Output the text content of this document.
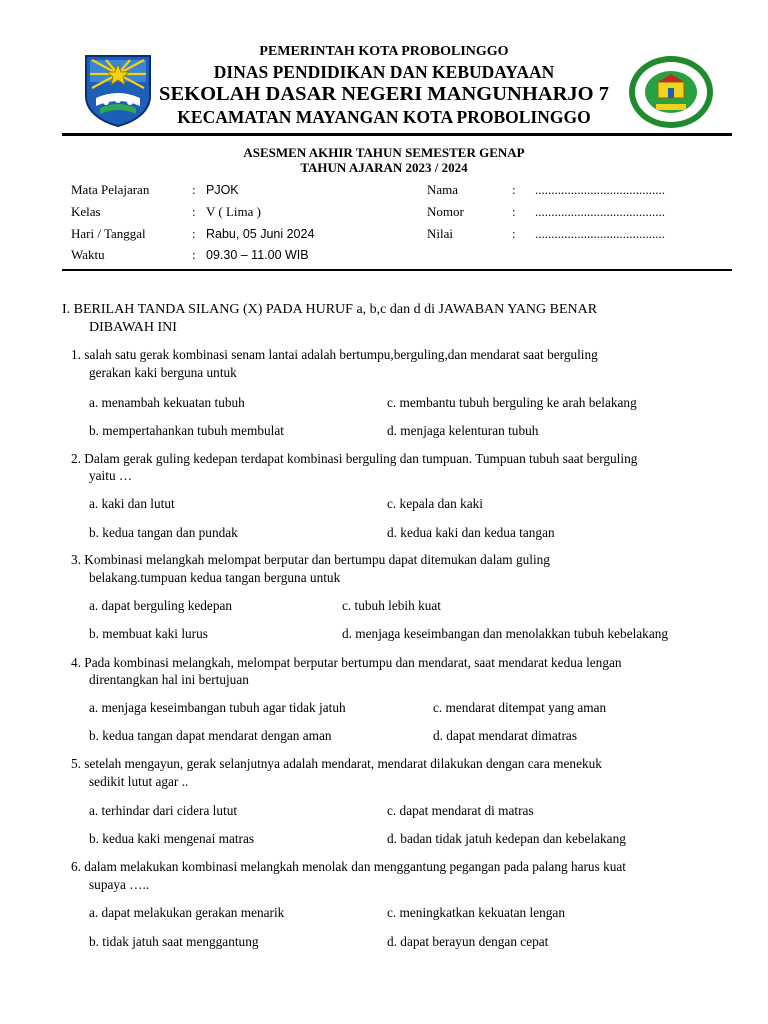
PEMERINTAH KOTA PROBOLINGGO
DINAS PENDIDIKAN DAN KEBUDAYAAN
SEKOLAH DASAR NEGERI MANGUNHARJO 7
KECAMATAN MAYANGAN KOTA PROBOLINGGO
ASESMEN AKHIR TAHUN SEMESTER GENAP
TAHUN AJARAN 2023 / 2024
Mata Pelajaran	: PJOK
Kelas	: V ( Lima )
Hari / Tanggal	: Rabu, 05 Juni 2024
Waktu	: 09.30 – 11.00 WIB
Nama	: ........................................
Nomor	: ........................................
Nilai	: ........................................
I. BERILAH TANDA SILANG (X) PADA HURUF a, b,c dan d di JAWABAN YANG BENAR
DIBAWAH INI
1. salah satu gerak kombinasi senam lantai adalah bertumpu,berguling,dan mendarat saat berguling
gerakan kaki berguna untuk
a. menambah kekuatan tubuh	c. membantu tubuh berguling ke arah belakang
b. mempertahankan tubuh membulat	d. menjaga kelenturan tubuh
2. Dalam gerak guling kedepan terdapat kombinasi berguling dan tumpuan. Tumpuan tubuh saat berguling
yaitu …
a. kaki dan lutut	c. kepala dan kaki
b. kedua tangan dan pundak	d. kedua kaki dan kedua tangan
3. Kombinasi melangkah melompat berputar dan bertumpu dapat ditemukan dalam guling
belakang.tumpuan kedua tangan berguna untuk
a. dapat berguling kedepan	c. tubuh lebih kuat
b. membuat kaki lurus	d. menjaga keseimbangan dan menolakkan tubuh kebelakang
4. Pada kombinasi melangkah, melompat berputar bertumpu dan mendarat, saat mendarat kedua lengan
direntangkan hal ini bertujuan
a. menjaga keseimbangan tubuh agar tidak jatuh	c. mendarat ditempat yang aman
b. kedua tangan dapat mendarat dengan aman	d. dapat mendarat dimatras
5. setelah mengayun, gerak selanjutnya adalah mendarat, mendarat dilakukan dengan cara menekuk
sedikit lutut agar ..
a. terhindar dari cidera lutut	c. dapat mendarat di matras
b. kedua kaki mengenai matras	d. badan tidak jatuh kedepan dan kebelakang
6. dalam melakukan kombinasi melangkah menolak dan menggantung pegangan pada palang harus kuat
supaya …..
a. dapat melakukan gerakan menarik	c. meningkatkan kekuatan lengan
b. tidak jatuh saat menggantung	d. dapat berayun dengan cepat
